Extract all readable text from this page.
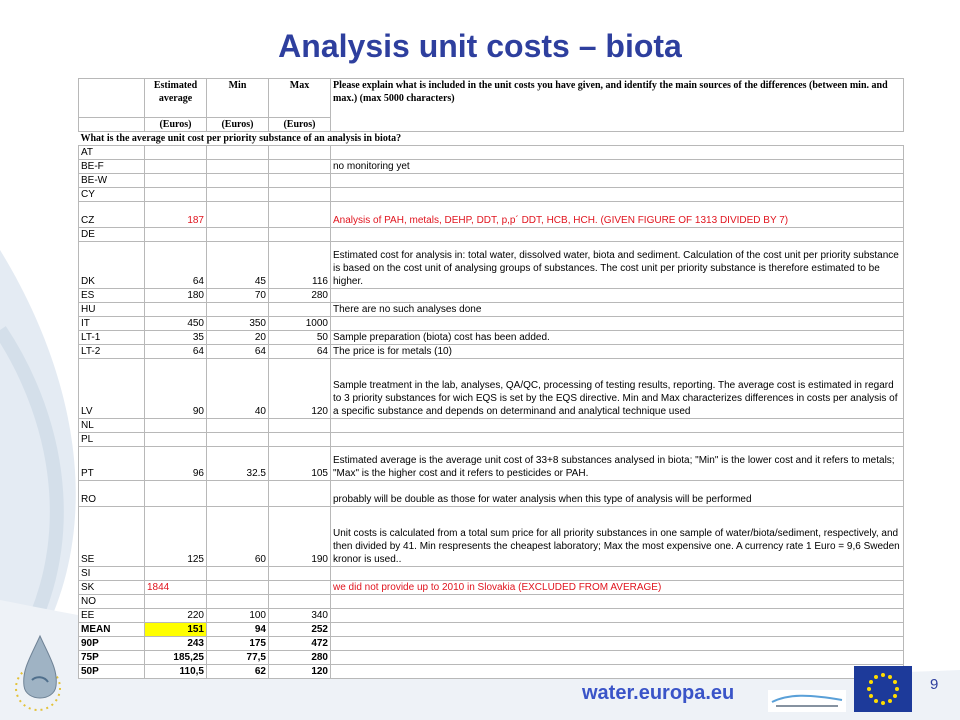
Analysis unit costs – biota
	Estimated average	Min	Max	Please explain what is included in the unit costs you have given, and identify the main sources of the differences (between min. and max.) (max 5000 characters)
	(Euros)	(Euros)	(Euros)	
What is the average unit cost per priority substance of an analysis in biota?				
AT				
BE-F				no monitoring yet
BE-W				
CY				
CZ	187			Analysis of PAH, metals, DEHP, DDT, p,p´ DDT, HCB, HCH. (GIVEN FIGURE OF 1313 DIVIDED BY 7)
DE				
DK	64	45	116	Estimated cost for analysis in: total water, dissolved water, biota and sediment. Calculation of the cost unit per priority substance is based on the cost unit of analysing groups of substances. The cost unit per priority substance is therefore estimated to be higher.
ES	180	70	280	
HU				There are no such analyses done
IT	450	350	1000	
LT-1	35	20	50	Sample preparation (biota) cost has been added.
LT-2	64	64	64	The price is for metals (10)
LV	90	40	120	Sample treatment in the lab, analyses, QA/QC, processing of testing results, reporting. The average cost is estimated in regard to 3 priority substances for wich EQS is set by the EQS directive. Min and Max characterizes differences in costs per analysis of a specific substance and depends on determinand and analytical technique used
NL				
PL				
PT	96	32.5	105	Estimated average is the average unit cost of 33+8 substances analysed in biota; "Min" is the lower cost and it refers to metals; "Max" is the higher cost and it refers to pesticides or PAH.
RO				probably will be double as those for water analysis when this type of analysis will be performed
SE	125	60	190	Unit costs is calculated from a total sum price for all priority substances in one sample of water/biota/sediment, respectively, and then divided by 41. Min respresents the cheapest laboratory; Max the most expensive one. A currency rate 1 Euro = 9,6 Sweden kronor is used..
SI				
SK	1844			we did not provide up to 2010 in Slovakia (EXCLUDED FROM AVERAGE)
NO				
EE	220	100	340	
MEAN	151	94	252	
90P	243	175	472	
75P	185,25	77,5	280	
50P	110,5	62	120	
water.europa.eu	9
